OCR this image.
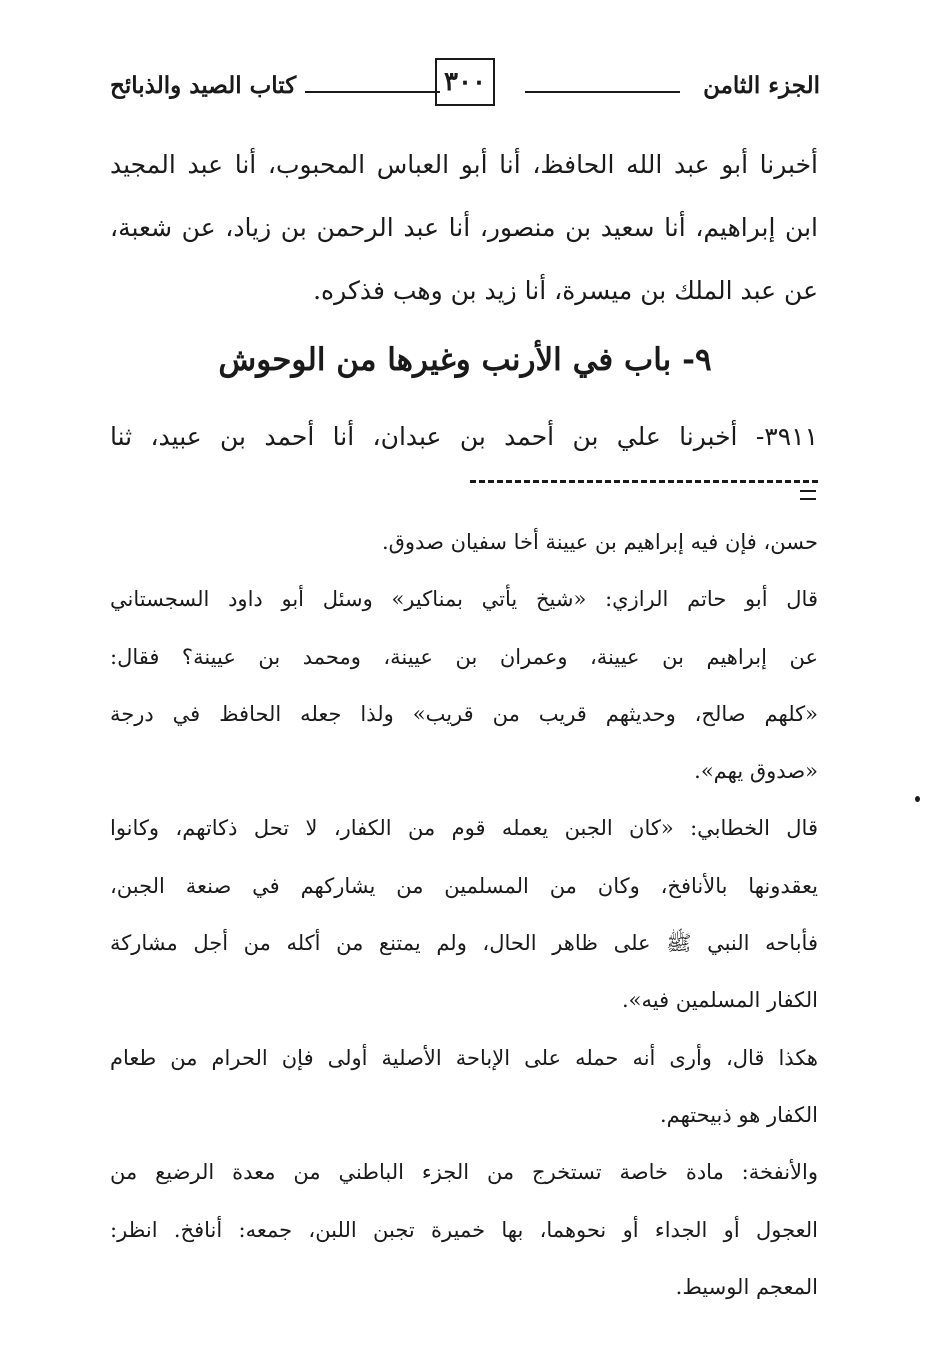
الجزء الثامن
٣٠٠
كتاب الصيد والذبائح
أخبرنا أبو عبد الله الحافظ، أنا أبو العباس المحبوب، أنا عبد المجيد
ابن إبراهيم، أنا سعيد بن منصور، أنا عبد الرحمن بن زياد، عن شعبة،
عن عبد الملك بن ميسرة، أنا زيد بن وهب فذكره.
٩- باب في الأرنب وغيرها من الوحوش
٣٩١١- أخبرنا علي بن أحمد بن عبدان، أنا أحمد بن عبيد، ثنا
حسن، فإن فيه إبراهيم بن عيينة أخا سفيان صدوق.
قال أبو حاتم الرازي: «شيخ يأتي بمناكير» وسئل أبو داود السجستاني
عن إبراهيم بن عيينة، وعمران بن عيينة، ومحمد بن عيينة؟ فقال:
«كلهم صالح، وحديثهم قريب من قريب» ولذا جعله الحافظ في درجة
«صدوق يهم».
قال الخطابي: «كان الجبن يعمله قوم من الكفار، لا تحل ذكاتهم، وكانوا
يعقدونها بالأنافخ، وكان من المسلمين من يشاركهم في صنعة الجبن،
فأباحه النبي ﷺ على ظاهر الحال، ولم يمتنع من أكله من أجل مشاركة
الكفار المسلمين فيه».
هكذا قال، وأرى أنه حمله على الإباحة الأصلية أولى فإن الحرام من طعام
الكفار هو ذبيحتهم.
والأنفخة: مادة خاصة تستخرج من الجزء الباطني من معدة الرضيع من
العجول أو الجداء أو نحوهما، بها خميرة تجبن اللبن، جمعه: أنافخ. انظر:
المعجم الوسيط.
